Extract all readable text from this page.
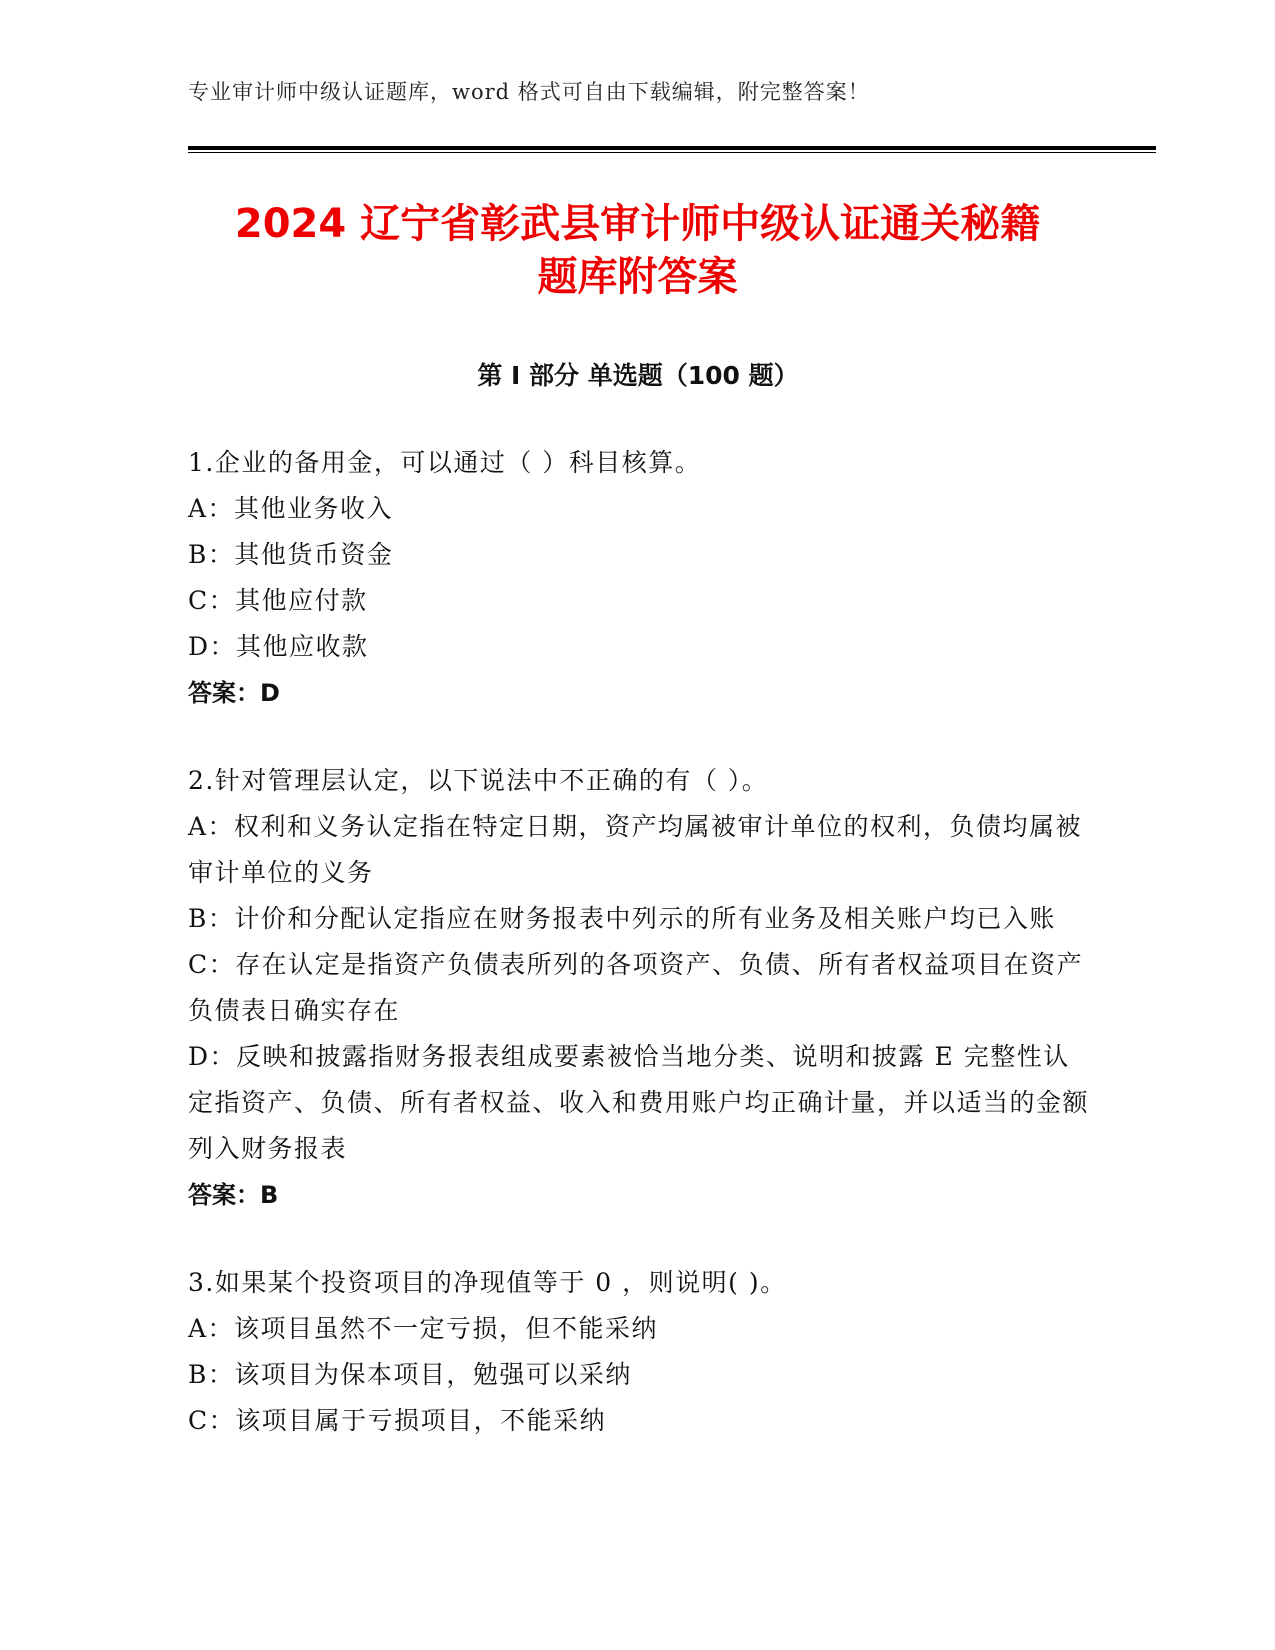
专业审计师中级认证题库，word 格式可自由下载编辑，附完整答案！
2024 辽宁省彰武县审计师中级认证通关秘籍
题库附答案
第 I 部分 单选题（100 题）

1.企业的备用金，可以通过（ ）科目核算。

A：其他业务收入

B：其他货币资金

C：其他应付款

D：其他应收款

答案：D

2.针对管理层认定，以下说法中不正确的有（ ）。

A：权利和义务认定指在特定日期，资产均属被审计单位的权利，负债均属被审计单位的义务

B：计价和分配认定指应在财务报表中列示的所有业务及相关账户均已入账

C：存在认定是指资产负债表所列的各项资产、负债、所有者权益项目在资产负债表日确实存在

D：反映和披露指财务报表组成要素被恰当地分类、说明和披露 E 完整性认定指资产、负债、所有者权益、收入和费用账户均正确计量，并以适当的金额列入财务报表

答案：B

3.如果某个投资项目的净现值等于 0 ，则说明( )。

A：该项目虽然不一定亏损，但不能采纳

B：该项目为保本项目，勉强可以采纳

C：该项目属于亏损项目，不能采纳
